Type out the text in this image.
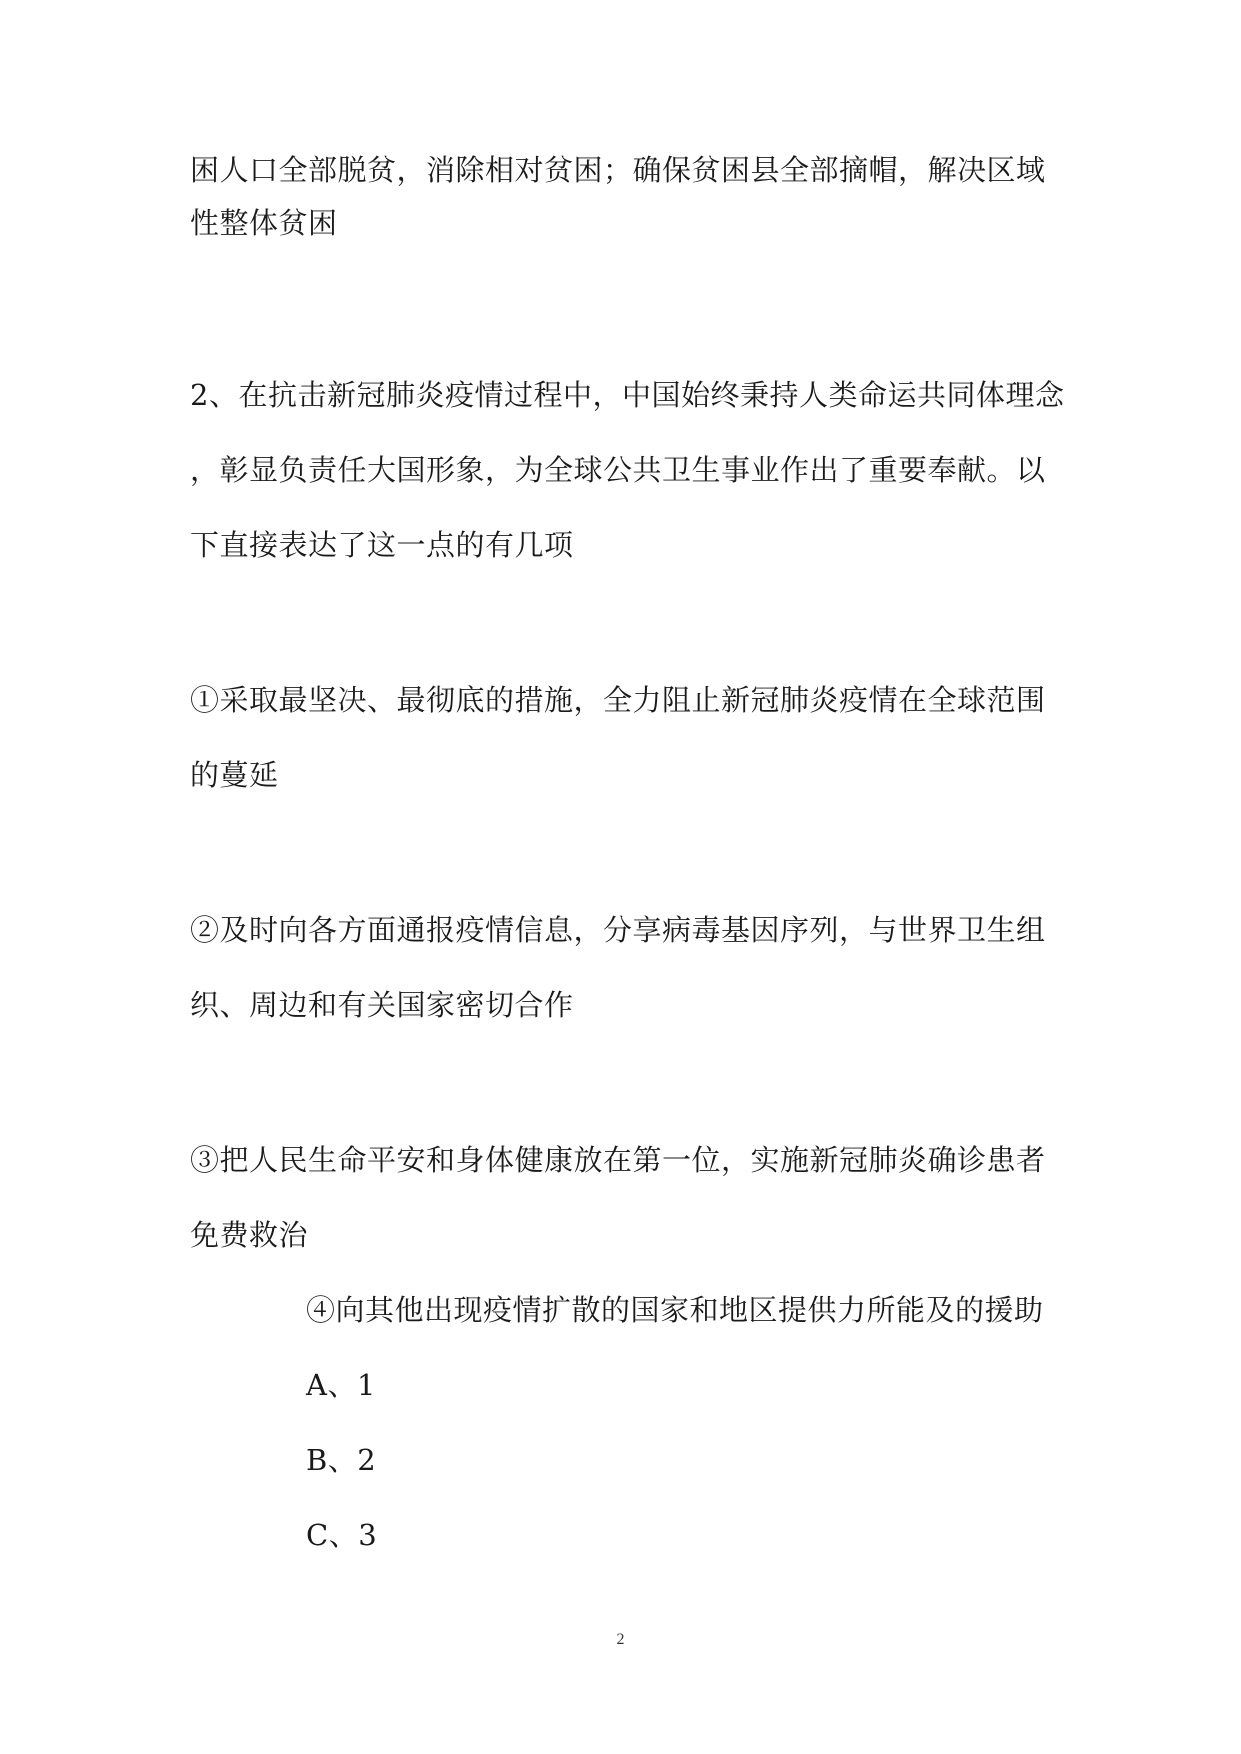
困人口全部脱贫，消除相对贫困；确保贫困县全部摘帽，解决区域
性整体贫困
2、在抗击新冠肺炎疫情过程中，中国始终秉持人类命运共同体理念
，彰显负责任大国形象，为全球公共卫生事业作出了重要奉献。以
下直接表达了这一点的有几项
①采取最坚决、最彻底的措施，全力阻止新冠肺炎疫情在全球范围
的蔓延
②及时向各方面通报疫情信息，分享病毒基因序列，与世界卫生组
织、周边和有关国家密切合作
③把人民生命平安和身体健康放在第一位，实施新冠肺炎确诊患者
免费救治
④向其他出现疫情扩散的国家和地区提供力所能及的援助
A、1
B、2
C、3
2
